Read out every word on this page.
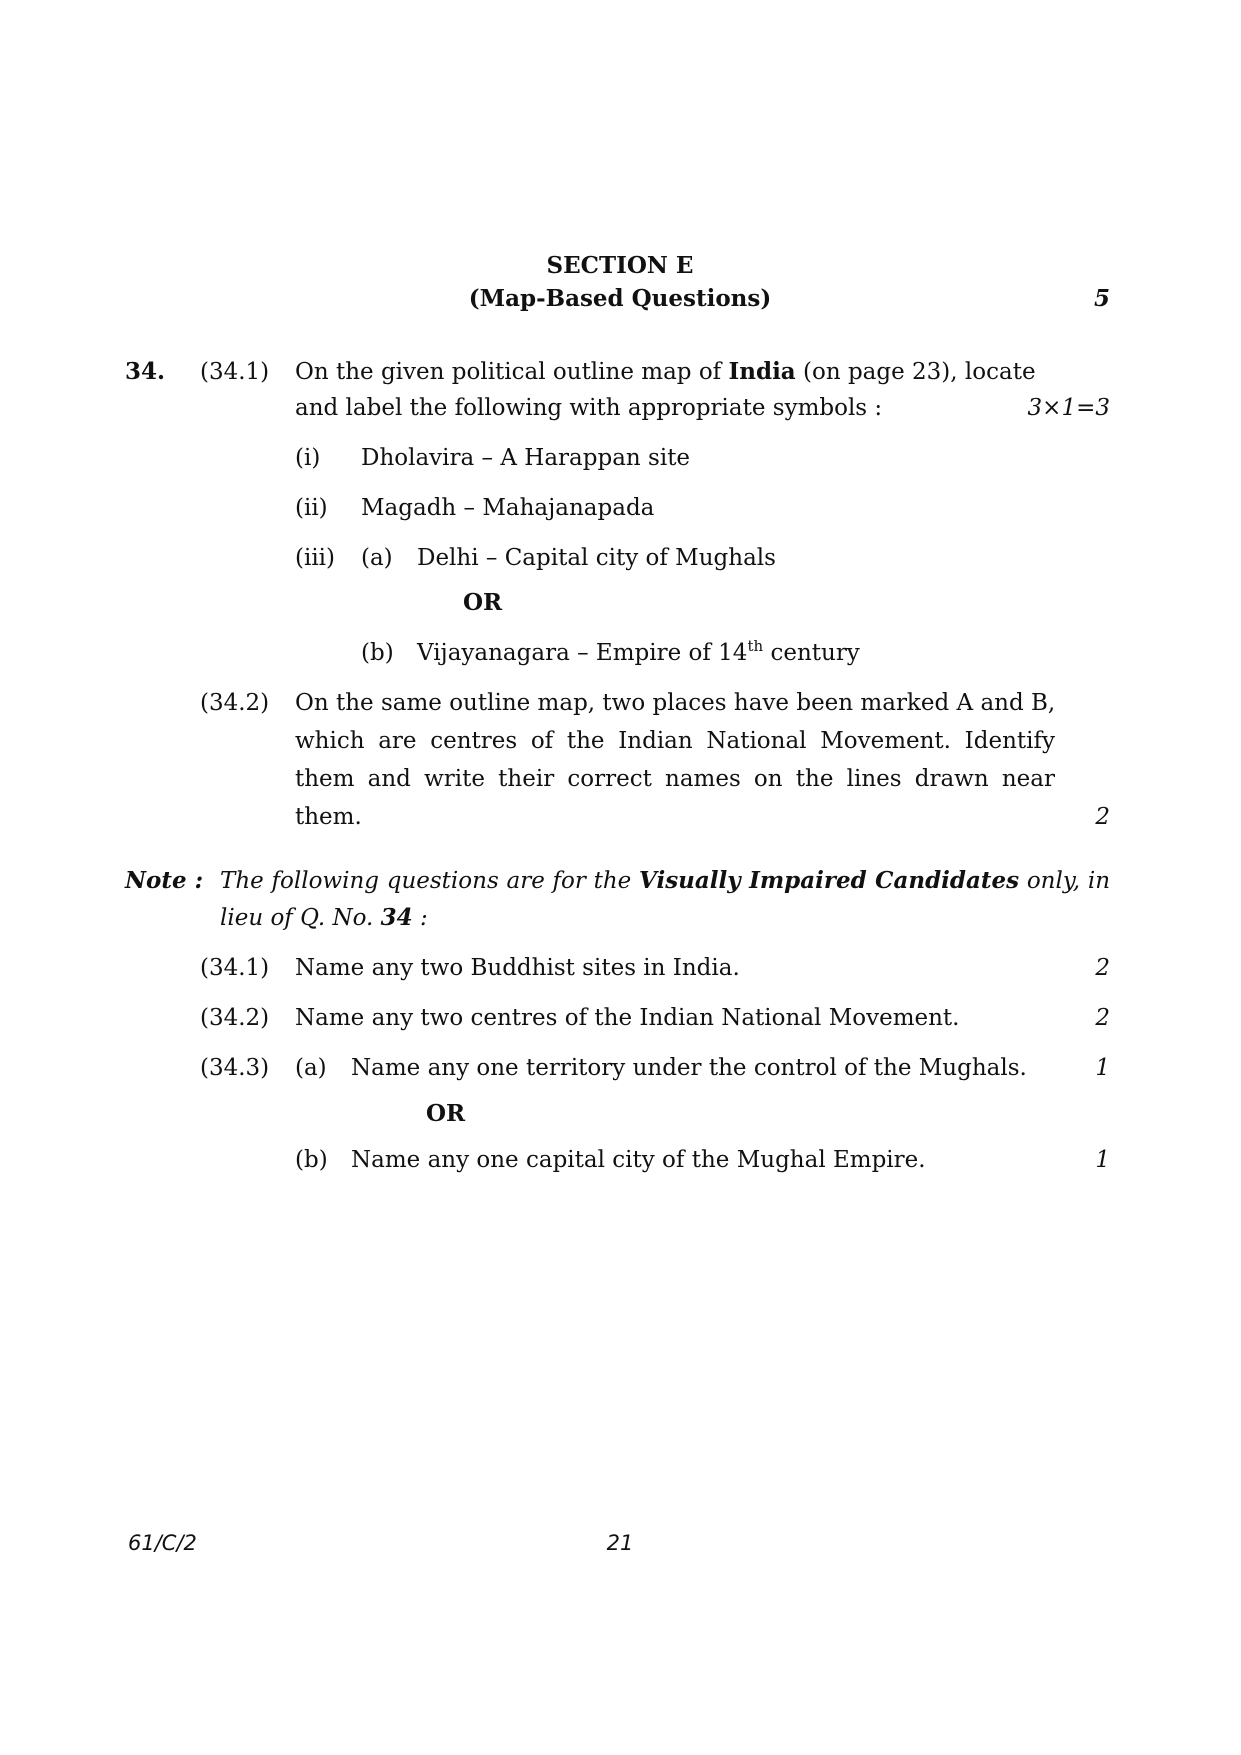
SECTION E
(Map-Based Questions)	5
34. (34.1) On the given political outline map of India (on page 23), locate
and label the following with appropriate symbols :	3×1=3
(i) Dholavira – A Harappan site
(ii) Magadh – Mahajanapada
(iii) (a) Delhi – Capital city of Mughals
OR
(b) Vijayanagara – Empire of 14th century
(34.2) On the same outline map, two places have been marked A and B,
which are centres of the Indian National Movement. Identify
them and write their correct names on the lines drawn near
them.	2
Note : The following questions are for the Visually Impaired Candidates only, in
lieu of Q. No. 34 :
(34.1) Name any two Buddhist sites in India.	2
(34.2) Name any two centres of the Indian National Movement.	2
(34.3) (a) Name any one territory under the control of the Mughals.	1
OR
(b) Name any one capital city of the Mughal Empire.	1
61/C/2	21
